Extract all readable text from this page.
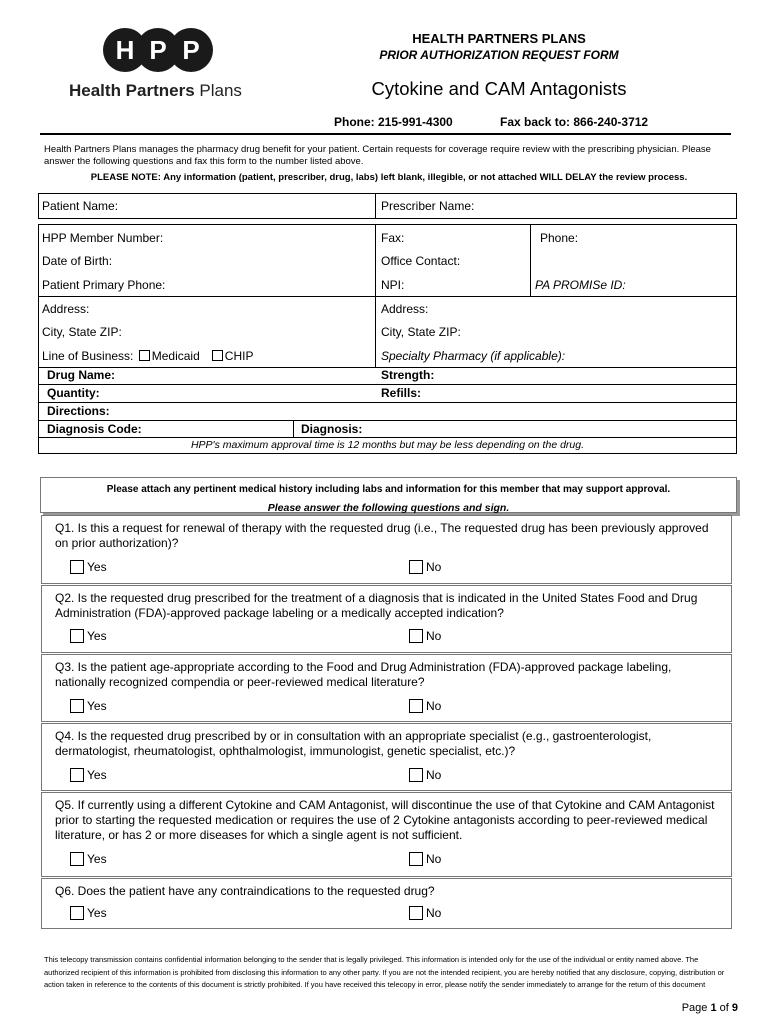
H P P
Health Partners Plans
HEALTH PARTNERS PLANS
PRIOR AUTHORIZATION REQUEST FORM
Cytokine and CAM Antagonists
Phone: 215-991-4300	Fax back to: 866-240-3712
Health Partners Plans manages the pharmacy drug benefit for your patient. Certain requests for coverage require review with the prescribing physician. Please answer the following questions and fax this form to the number listed above.
PLEASE NOTE: Any information (patient, prescriber, drug, labs) left blank, illegible, or not attached WILL DELAY the review process.
Patient Name:	Prescriber Name:
HPP Member Number:	Fax:	Phone:
Date of Birth:	Office Contact:
Patient Primary Phone:	NPI:	PA PROMISe ID:
Address:	Address:
City, State ZIP:	City, State ZIP:
Line of Business: Medicaid CHIP	Specialty Pharmacy (if applicable):
Drug Name:	Strength:
Quantity:	Refills:
Directions:
Diagnosis Code:	Diagnosis:
HPP's maximum approval time is 12 months but may be less depending on the drug.
Please attach any pertinent medical history including labs and information for this member that may support approval.
Please answer the following questions and sign.
Q1. Is this a request for renewal of therapy with the requested drug (i.e., The requested drug has been previously approved on prior authorization)?
Yes	No
Q2. Is the requested drug prescribed for the treatment of a diagnosis that is indicated in the United States Food and Drug Administration (FDA)-approved package labeling or a medically accepted indication?
Yes	No
Q3. Is the patient age-appropriate according to the Food and Drug Administration (FDA)-approved package labeling, nationally recognized compendia or peer-reviewed medical literature?
Yes	No
Q4. Is the requested drug prescribed by or in consultation with an appropriate specialist (e.g., gastroenterologist, dermatologist, rheumatologist, ophthalmologist, immunologist, genetic specialist, etc.)?
Yes	No
Q5. If currently using a different Cytokine and CAM Antagonist, will discontinue the use of that Cytokine and CAM Antagonist prior to starting the requested medication or requires the use of 2 Cytokine antagonists according to peer-reviewed medical literature, or has 2 or more diseases for which a single agent is not sufficient.
Yes	No
Q6. Does the patient have any contraindications to the requested drug?
Yes	No
This telecopy transmission contains confidential information belonging to the sender that is legally privileged. This information is intended only for the use of the individual or entity named above. The authorized recipient of this information is prohibited from disclosing this information to any other party. If you are not the intended recipient, you are hereby notified that any disclosure, copying, distribution or action taken in reference to the contents of this document is strictly prohibited. If you have received this telecopy in error, please notify the sender immediately to arrange for the return of this document
Page 1 of 9
